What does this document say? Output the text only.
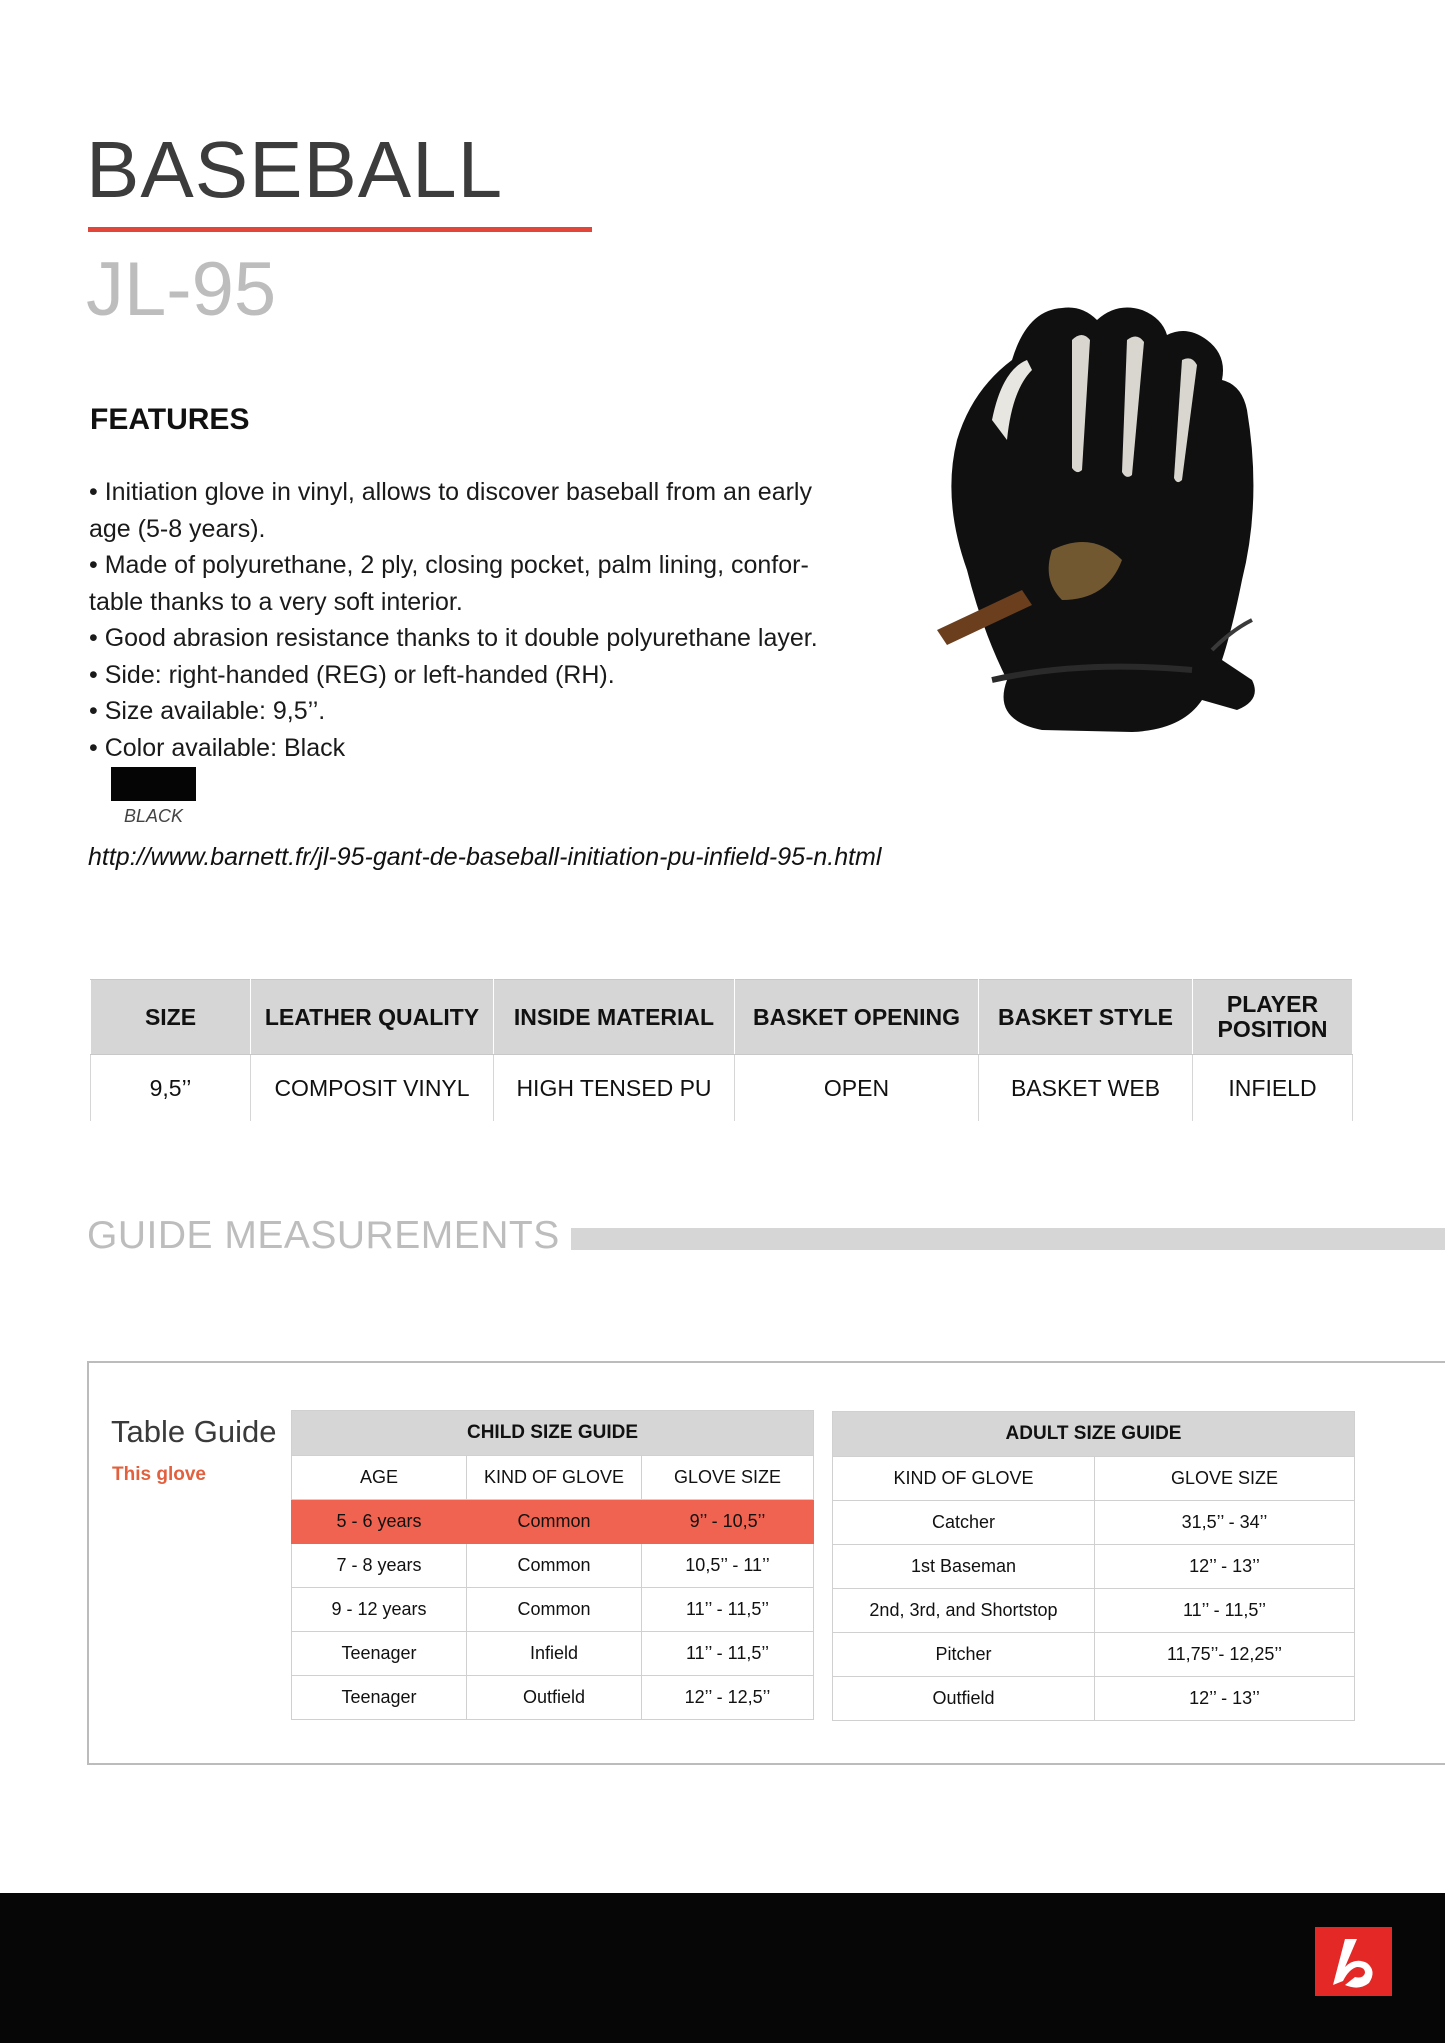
BASEBALL
JL-95
FEATURES
• Initiation glove in vinyl, allows to discover baseball from an early
age (5-8 years).
• Made of polyurethane, 2 ply, closing pocket, palm lining, confor-
table thanks to a very soft interior.
• Good abrasion resistance thanks to it double polyurethane layer.
• Side: right-handed (REG) or left-handed (RH).
• Size available: 9,5’’.
• Color available: Black
BLACK
http://www.barnett.fr/jl-95-gant-de-baseball-initiation-pu-infield-95-n.html
SIZE	LEATHER QUALITY	INSIDE MATERIAL	BASKET OPENING	BASKET STYLE	PLAYER POSITION
9,5’’	COMPOSIT VINYL	HIGH TENSED PU	OPEN	BASKET WEB	INFIELD
GUIDE MEASUREMENTS
Table Guide
This glove
CHILD SIZE GUIDE		
AGE	KIND OF GLOVE	GLOVE SIZE
5 - 6 years	Common	9’’ - 10,5’’
7 - 8 years	Common	10,5’’ - 11’’
9 - 12 years	Common	11’’ - 11,5’’
Teenager	Infield	11’’ - 11,5’’
Teenager	Outfield	12’’ - 12,5’’
ADULT SIZE GUIDE	
KIND OF GLOVE	GLOVE SIZE
Catcher	31,5’’ - 34’’
1st Baseman	12’’ - 13’’
2nd, 3rd, and Shortstop	11’’ - 11,5’’
Pitcher	11,75’’- 12,25’’
Outfield	12’’ - 13’’
